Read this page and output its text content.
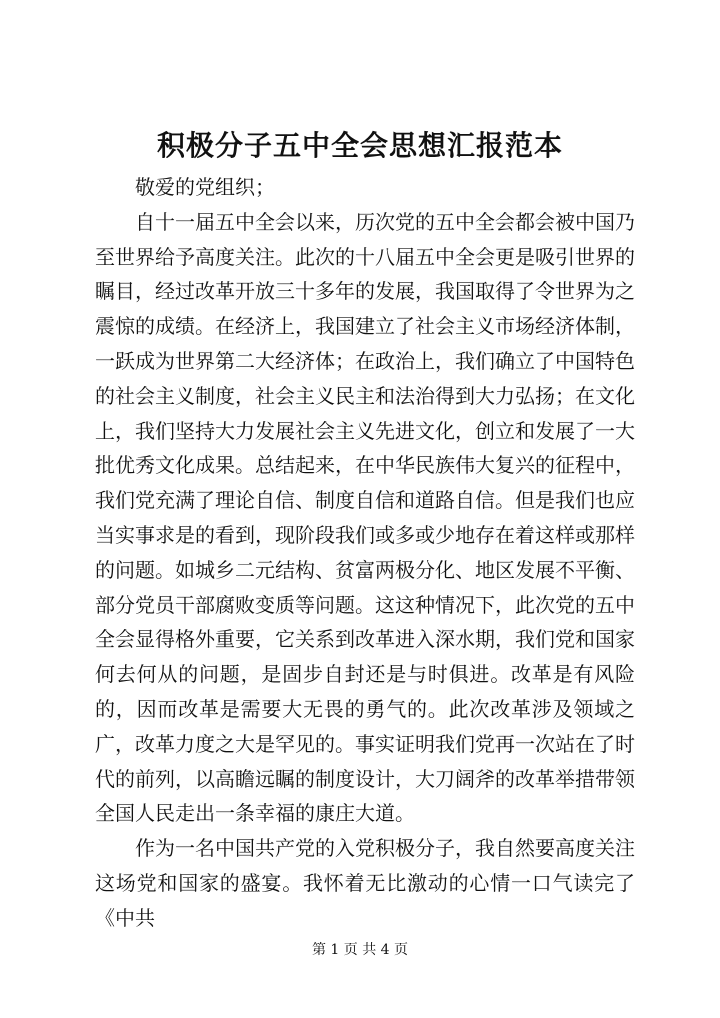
积极分子五中全会思想汇报范本

敬爱的党组织；

自十一届五中全会以来，历次党的五中全会都会被中国乃至世界给予高度关注。此次的十八届五中全会更是吸引世界的瞩目，经过改革开放三十多年的发展，我国取得了令世界为之震惊的成绩。在经济上，我国建立了社会主义市场经济体制，一跃成为世界第二大经济体；在政治上，我们确立了中国特色的社会主义制度，社会主义民主和法治得到大力弘扬；在文化上，我们坚持大力发展社会主义先进文化，创立和发展了一大批优秀文化成果。总结起来，在中华民族伟大复兴的征程中，我们党充满了理论自信、制度自信和道路自信。但是我们也应当实事求是的看到，现阶段我们或多或少地存在着这样或那样的问题。如城乡二元结构、贫富两极分化、地区发展不平衡、部分党员干部腐败变质等问题。这这种情况下，此次党的五中全会显得格外重要，它关系到改革进入深水期，我们党和国家何去何从的问题，是固步自封还是与时俱进。改革是有风险的，因而改革是需要大无畏的勇气的。此次改革涉及领域之广，改革力度之大是罕见的。事实证明我们党再一次站在了时代的前列，以高瞻远瞩的制度设计，大刀阔斧的改革举措带领全国人民走出一条幸福的康庄大道。

作为一名中国共产党的入党积极分子，我自然要高度关注这场党和国家的盛宴。我怀着无比激动的心情一口气读完了《中共

第 1 页 共 4 页
